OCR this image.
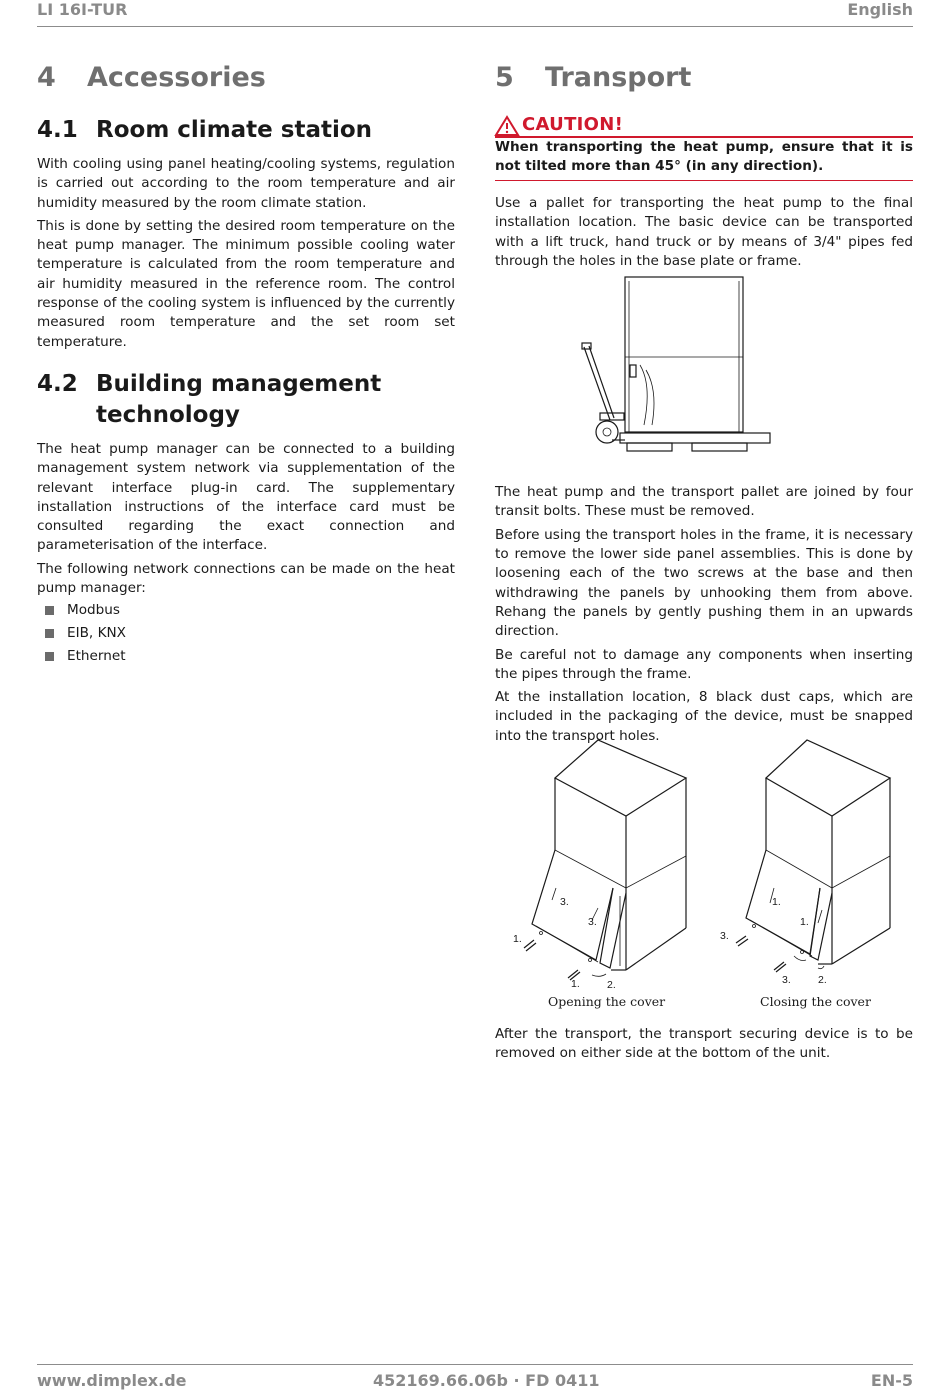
LI 16I-TUR	English
4 Accessories
4.1 Room climate station

With cooling using panel heating/cooling systems, regulation is carried out according to the room temperature and air humidity measured by the room climate station.

This is done by setting the desired room temperature on the heat pump manager. The minimum possible cooling water temperature is calculated from the room temperature and air humidity measured in the reference room. The control response of the cooling system is influenced by the currently measured room temperature and the set room set temperature.

4.2 Building management
technology

The heat pump manager can be connected to a building management system network via supplementation of the relevant interface plug-in card. The supplementary installation instructions of the interface card must be consulted regarding the exact connection and parameterisation of the interface.

The following network connections can be made on the heat pump manager:

Modbus
EIB, KNX
Ethernet
5 Transport
CAUTION!

When transporting the heat pump, ensure that it is not tilted more than 45° (in any direction).

Use a pallet for transporting the heat pump to the final installation location. The basic device can be transported with a lift truck, hand truck or by means of 3/4" pipes fed through the holes in the base plate or frame.

The heat pump and the transport pallet are joined by four transit bolts. These must be removed.

Before using the transport holes in the frame, it is necessary to remove the lower side panel assemblies. This is done by loosening each of the two screws at the base and then withdrawing the panels by unhooking them from above. Rehang the panels by gently pushing them in an upwards direction.

Be careful not to damage any components when inserting the pipes through the frame.

At the installation location, 8 black dust caps, which are included in the packaging of the device, must be snapped into the transport holes.

3.
3.
1.
1.	2.
Opening the cover
1.
1.
3.
3.	2.
Closing the cover

After the transport, the transport securing device is to be removed on either side at the bottom of the unit.

www.dimplex.de	452169.66.06b · FD 0411	EN-5
